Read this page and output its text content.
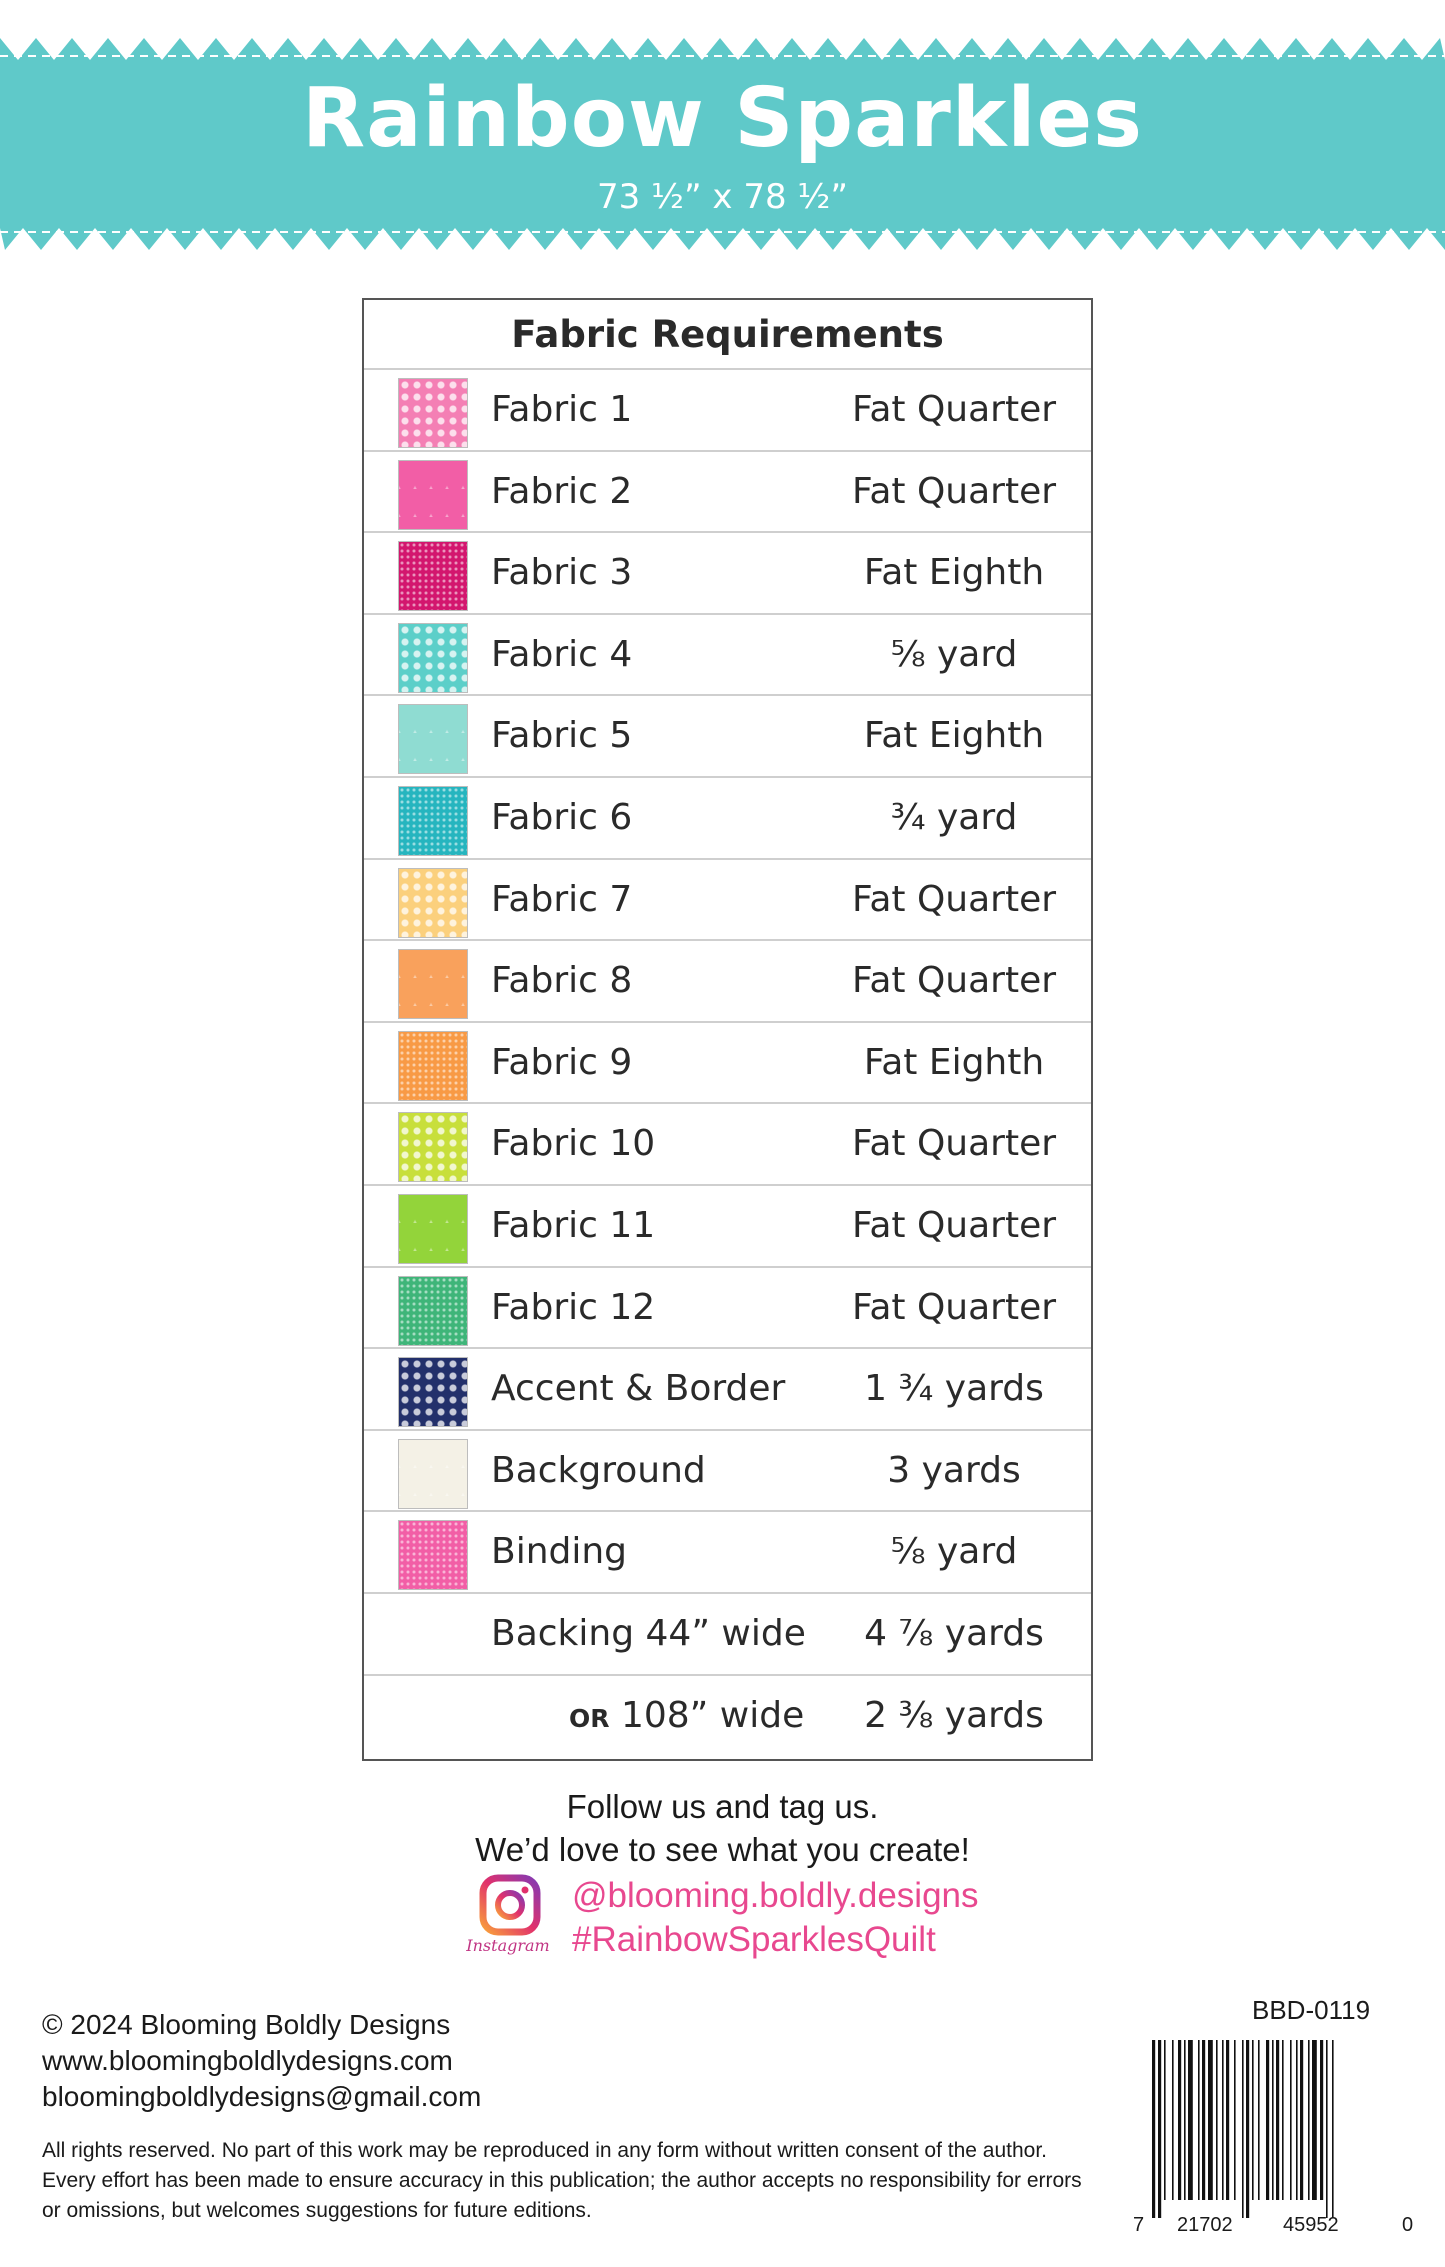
Rainbow Sparkles
73 ½” x 78 ½”
Fabric Requirements
Fabric 1	Fat Quarter
Fabric 2	Fat Quarter
Fabric 3	Fat Eighth
Fabric 4	⅝ yard
Fabric 5	Fat Eighth
Fabric 6	¾ yard
Fabric 7	Fat Quarter
Fabric 8	Fat Quarter
Fabric 9	Fat Eighth
Fabric 10	Fat Quarter
Fabric 11	Fat Quarter
Fabric 12	Fat Quarter
Accent & Border	1 ¾ yards
Background	3 yards
Binding	⅝ yard
Backing 44” wide	4 ⅞ yards
OR 108” wide	2 ⅜ yards
Follow us and tag us.
We’d love to see what you create!
Instagram
@blooming.boldly.designs
#RainbowSparklesQuilt
© 2024 Blooming Boldly Designs
www.bloomingboldlydesigns.com
bloomingboldlydesigns@gmail.com
All rights reserved. No part of this work may be reproduced in any form without written consent of the author. Every effort has been made to ensure accuracy in this publication; the author accepts no responsibility for errors or omissions, but welcomes suggestions for future editions.
BBD-0119
7 21702	45952	0
